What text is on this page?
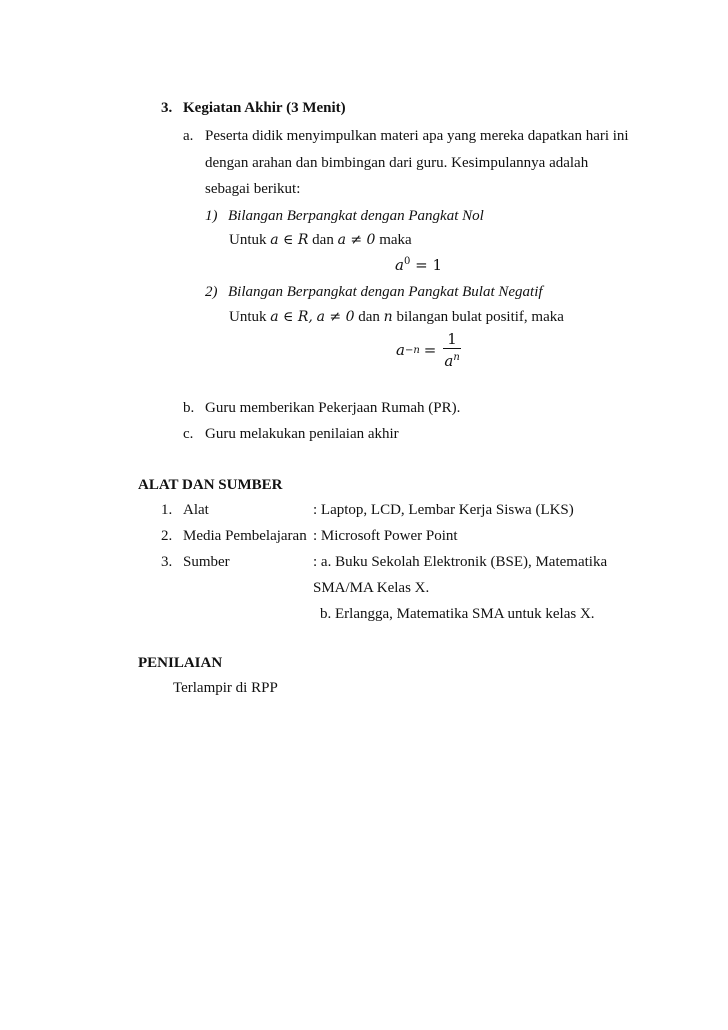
3. Kegiatan Akhir (3 Menit)
a. Peserta didik menyimpulkan materi apa yang mereka dapatkan hari ini
dengan arahan dan bimbingan dari guru. Kesimpulannya adalah
sebagai berikut:
1) Bilangan Berpangkat dengan Pangkat Nol
Untuk a ∈ R dan a ≠ 0 maka
$a^0 = 1$
2) Bilangan Berpangkat dengan Pangkat Bulat Negatif
Untuk a ∈ R, a ≠ 0 dan n bilangan bulat positif, maka
$a -n = \frac{1}{a^n}$
b. Guru memberikan Pekerjaan Rumah (PR).
c. Guru melakukan penilaian akhir
ALAT DAN SUMBER
1. Alat	: Laptop, LCD, Lembar Kerja Siswa (LKS)
2. Media Pembelajaran : Microsoft Power Point
3. Sumber	: a. Buku Sekolah Elektronik (BSE), Matematika
SMA/MA Kelas X.
b. Erlangga, Matematika SMA untuk kelas X.
PENILAIAN
Terlampir di RPP
